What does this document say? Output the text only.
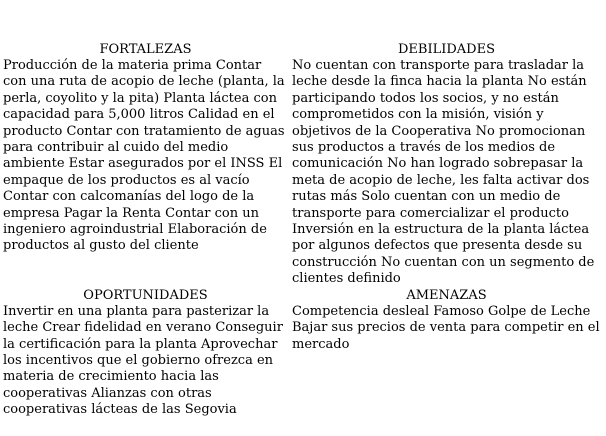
FORTALEZAS

Producción de la materia prima Contar con una ruta de acopio de leche (planta, la perla, coyolito y la pita) Planta láctea con capacidad para 5,000 litros Calidad en el producto Contar con tratamiento de aguas para contribuir al cuido del medio ambiente Estar asegurados por el INSS El empaque de los productos es al vacío Contar con calcomanías del logo de la empresa Pagar la Renta Contar con un ingeniero agroindustrial Elaboración de productos al gusto del cliente

DEBILIDADES

No cuentan con transporte para trasladar la leche desde la finca hacia la planta No están participando todos los socios, y no están comprometidos con la misión, visión y objetivos de la Cooperativa No promocionan sus productos a través de los medios de comunicación No han logrado sobrepasar la meta de acopio de leche, les falta activar dos rutas más Solo cuentan con un medio de transporte para comercializar el producto Inversión en la estructura de la planta láctea por algunos defectos que presenta desde su construcción No cuentan con un segmento de clientes definido

OPORTUNIDADES

Invertir en una planta para pasterizar la leche Crear fidelidad en verano Conseguir la certificación para la planta Aprovechar los incentivos que el gobierno ofrezca en materia de crecimiento hacia las cooperativas Alianzas con otras cooperativas lácteas de las Segovia

AMENAZAS

Competencia desleal Famoso Golpe de Leche Bajar sus precios de venta para competir en el mercado
